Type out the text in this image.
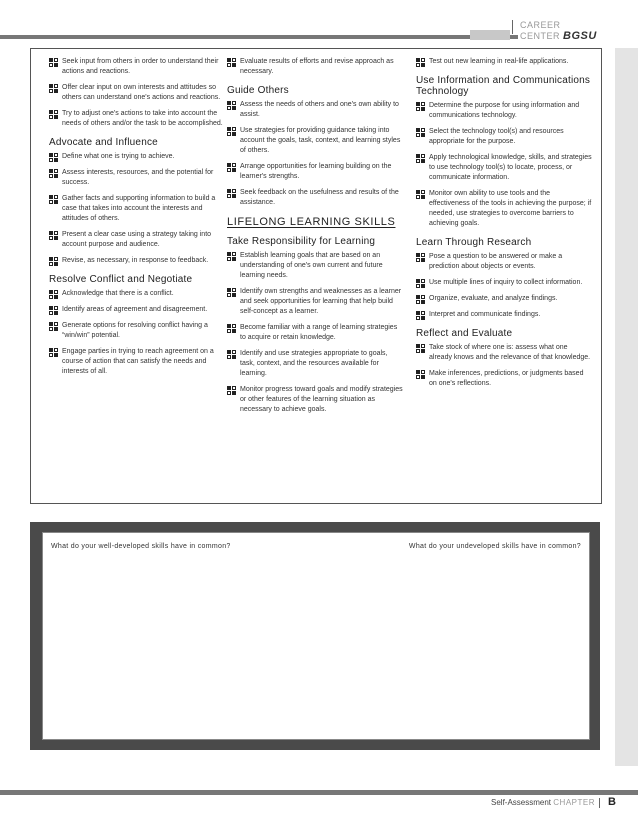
CAREER CENTER BGSU
Seek input from others in order to understand their actions and reactions.
Offer clear input on own interests and attitudes so others can understand one's actions and reactions.
Try to adjust one's actions to take into account the needs of others and/or the task to be accomplished.
Advocate and Influence
Define what one is trying to achieve.
Assess interests, resources, and the potential for success.
Gather facts and supporting information to build a case that takes into account the interests and attitudes of others.
Present a clear case using a strategy taking into account purpose and audience.
Revise, as necessary, in response to feedback.
Resolve Conflict and Negotiate
Acknowledge that there is a conflict.
Identify areas of agreement and disagreement.
Generate options for resolving conflict having a “win/win” potential.
Engage parties in trying to reach agreement on a course of action that can satisfy the needs and interests of all.
Evaluate results of efforts and revise approach as necessary.
Guide Others
Assess the needs of others and one's own ability to assist.
Use strategies for providing guidance taking into account the goals, task, context, and learning styles of others.
Arrange opportunities for learning building on the learner's strengths.
Seek feedback on the usefulness and results of the assistance.
LIFELONG LEARNING SKILLS
Take Responsibility for Learning
Establish learning goals that are based on an understanding of one's own current and future learning needs.
Identify own strengths and weaknesses as a learner and seek opportunities for learning that help build self-concept as a learner.
Become familiar with a range of learning strategies to acquire or retain knowledge.
Identify and use strategies appropriate to goals, task, context, and the resources available for learning.
Monitor progress toward goals and modify strategies or other features of the learning situation as necessary to achieve goals.
Test out new learning in real-life applications.
Use Information and Communications Technology
Determine the purpose for using information and communications technology.
Select the technology tool(s) and resources appropriate for the purpose.
Apply technological knowledge, skills, and strategies to use technology tool(s) to locate, process, or communicate information.
Monitor own ability to use tools and the effectiveness of the tools in achieving the purpose; if needed, use strategies to overcome barriers to achieving goals.
Learn Through Research
Pose a question to be answered or make a prediction about objects or events.
Use multiple lines of inquiry to collect information.
Organize, evaluate, and analyze findings.
Interpret and communicate findings.
Reflect and Evaluate
Take stock of where one is: assess what one already knows and the relevance of that knowledge.
Make inferences, predictions, or judgments based on one's reflections.
What do your well-developed skills have in common?	What do your undeveloped skills have in common?
Self-Assessment CHAPTER	B
